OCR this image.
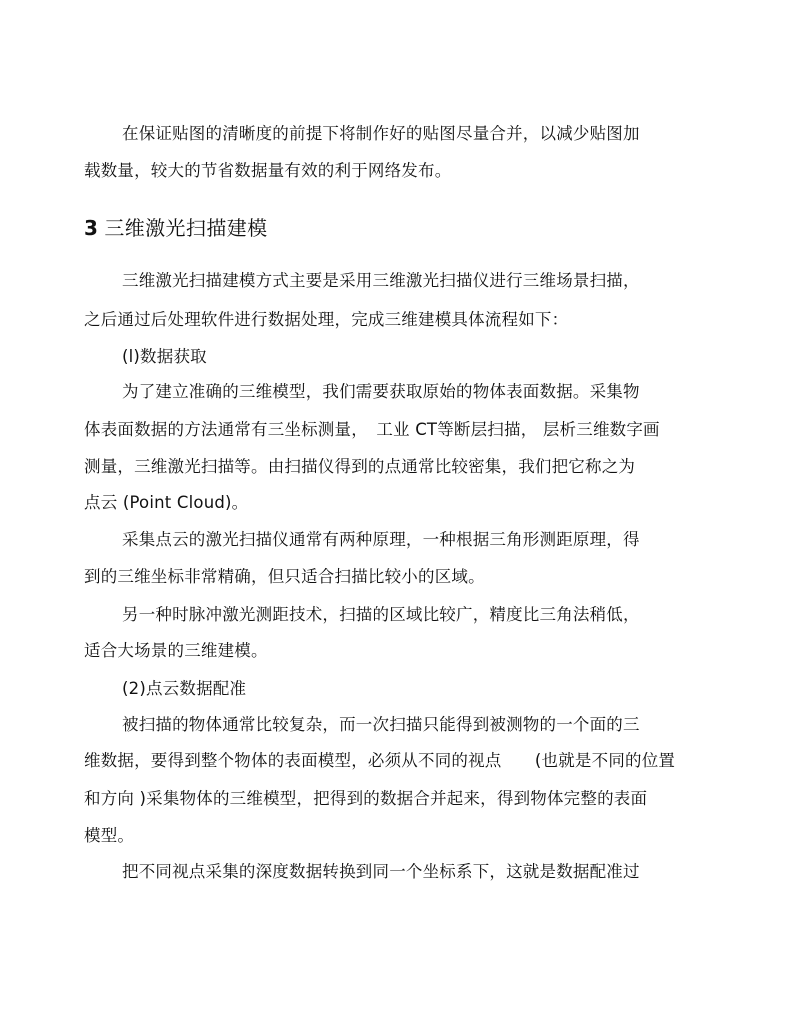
在保证贴图的清晰度的前提下将制作好的贴图尽量合并，以减少贴图加
载数量，较大的节省数据量有效的利于网络发布。
3 三维激光扫描建模
三维激光扫描建模方式主要是采用三维激光扫描仪进行三维场景扫描，
之后通过后处理软件进行数据处理，完成三维建模具体流程如下：
(l)数据获取
为了建立准确的三维模型，我们需要获取原始的物体表面数据。采集物
体表面数据的方法通常有三坐标测量，　工业 CT等断层扫描， 层析三维数字画
测量，三维激光扫描等。由扫描仪得到的点通常比较密集，我们把它称之为
点云 (Point Cloud)。
采集点云的激光扫描仪通常有两种原理，一种根据三角形测距原理，得
到的三维坐标非常精确，但只适合扫描比较小的区域。
另一种时脉冲激光测距技术，扫描的区域比较广，精度比三角法稍低，
适合大场景的三维建模。
(2)点云数据配准
被扫描的物体通常比较复杂，而一次扫描只能得到被测物的一个面的三
维数据，要得到整个物体的表面模型，必须从不同的视点　　(也就是不同的位置
和方向 )采集物体的三维模型，把得到的数据合并起来，得到物体完整的表面
模型。
把不同视点采集的深度数据转换到同一个坐标系下，这就是数据配准过
